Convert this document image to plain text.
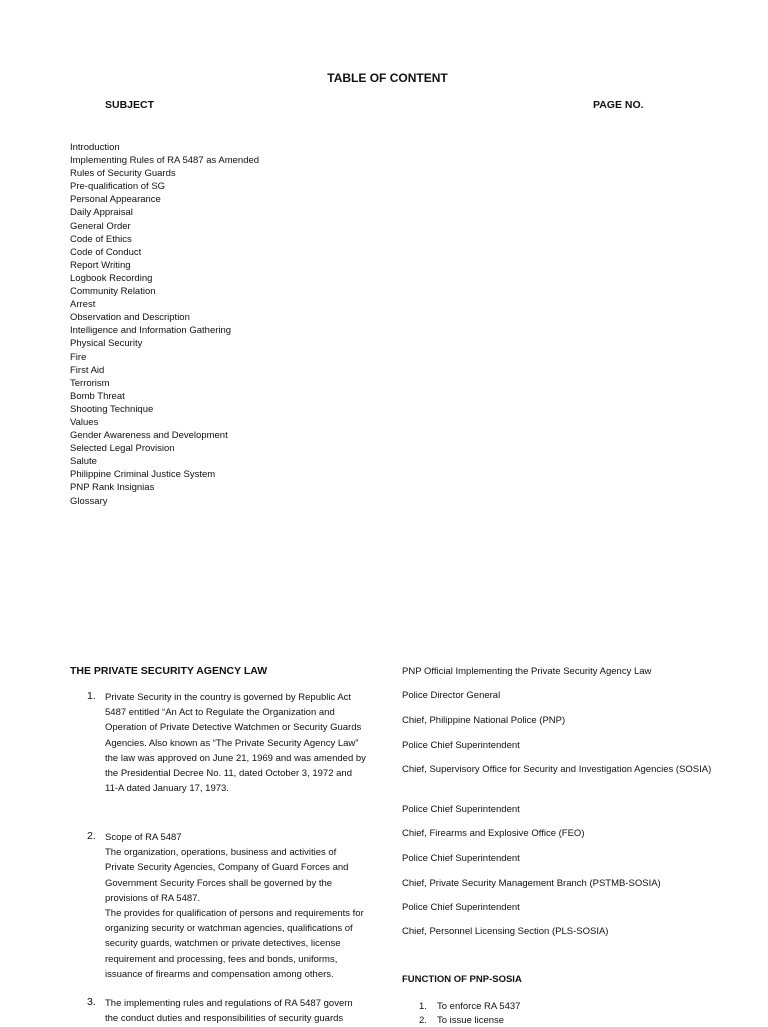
TABLE OF CONTENT
SUBJECT	PAGE NO.
Introduction
Implementing Rules of RA 5487 as Amended
Rules of Security Guards
Pre-qualification of SG
Personal Appearance
Daily Appraisal
General Order
Code of Ethics
Code of Conduct
Report Writing
Logbook Recording
Community Relation
Arrest
Observation and Description
Intelligence and Information Gathering
Physical Security
Fire
First Aid
Terrorism
Bomb Threat
Shooting Technique
Values
Gender Awareness and Development
Selected Legal Provision
Salute
Philippine Criminal Justice System
PNP Rank Insignias
Glossary
THE PRIVATE SECURITY AGENCY LAW
1. Private Security in the country is governed by Republic Act 5487 entitled “An Act to Regulate the Organization and Operation of Private Detective Watchmen or Security Guards Agencies. Also known as “The Private Security Agency Law” the law was approved on June 21, 1969 and was amended by the Presidential Decree No. 11, dated October 3, 1972 and 11-A dated January 17, 1973.
2. Scope of RA 5487
The organization, operations, business and activities of Private Security Agencies, Company of Guard Forces and Government Security Forces shall be governed by the provisions of RA 5487.
The provides for qualification of persons and requirements for organizing security or watchman agencies, qualifications of security guards, watchmen or private detectives, license requirement and processing, fees and bonds, uniforms, issuance of firearms and compensation among others.
3. The implementing rules and regulations of RA 5487 govern the conduct duties and responsibilities of security guards
PNP Official Implementing the Private Security Agency Law
Police Director General
Chief, Philippine National Police (PNP)
Police Chief Superintendent
Chief, Supervisory Office for Security and Investigation Agencies (SOSIA)
Police Chief Superintendent
Chief, Firearms and Explosive Office (FEO)
Police Chief Superintendent
Chief, Private Security Management Branch (PSTMB-SOSIA)
Police Chief Superintendent
Chief, Personnel Licensing Section (PLS-SOSIA)
FUNCTION OF PNP-SOSIA
1. To enforce RA 5437
2. To issue license
